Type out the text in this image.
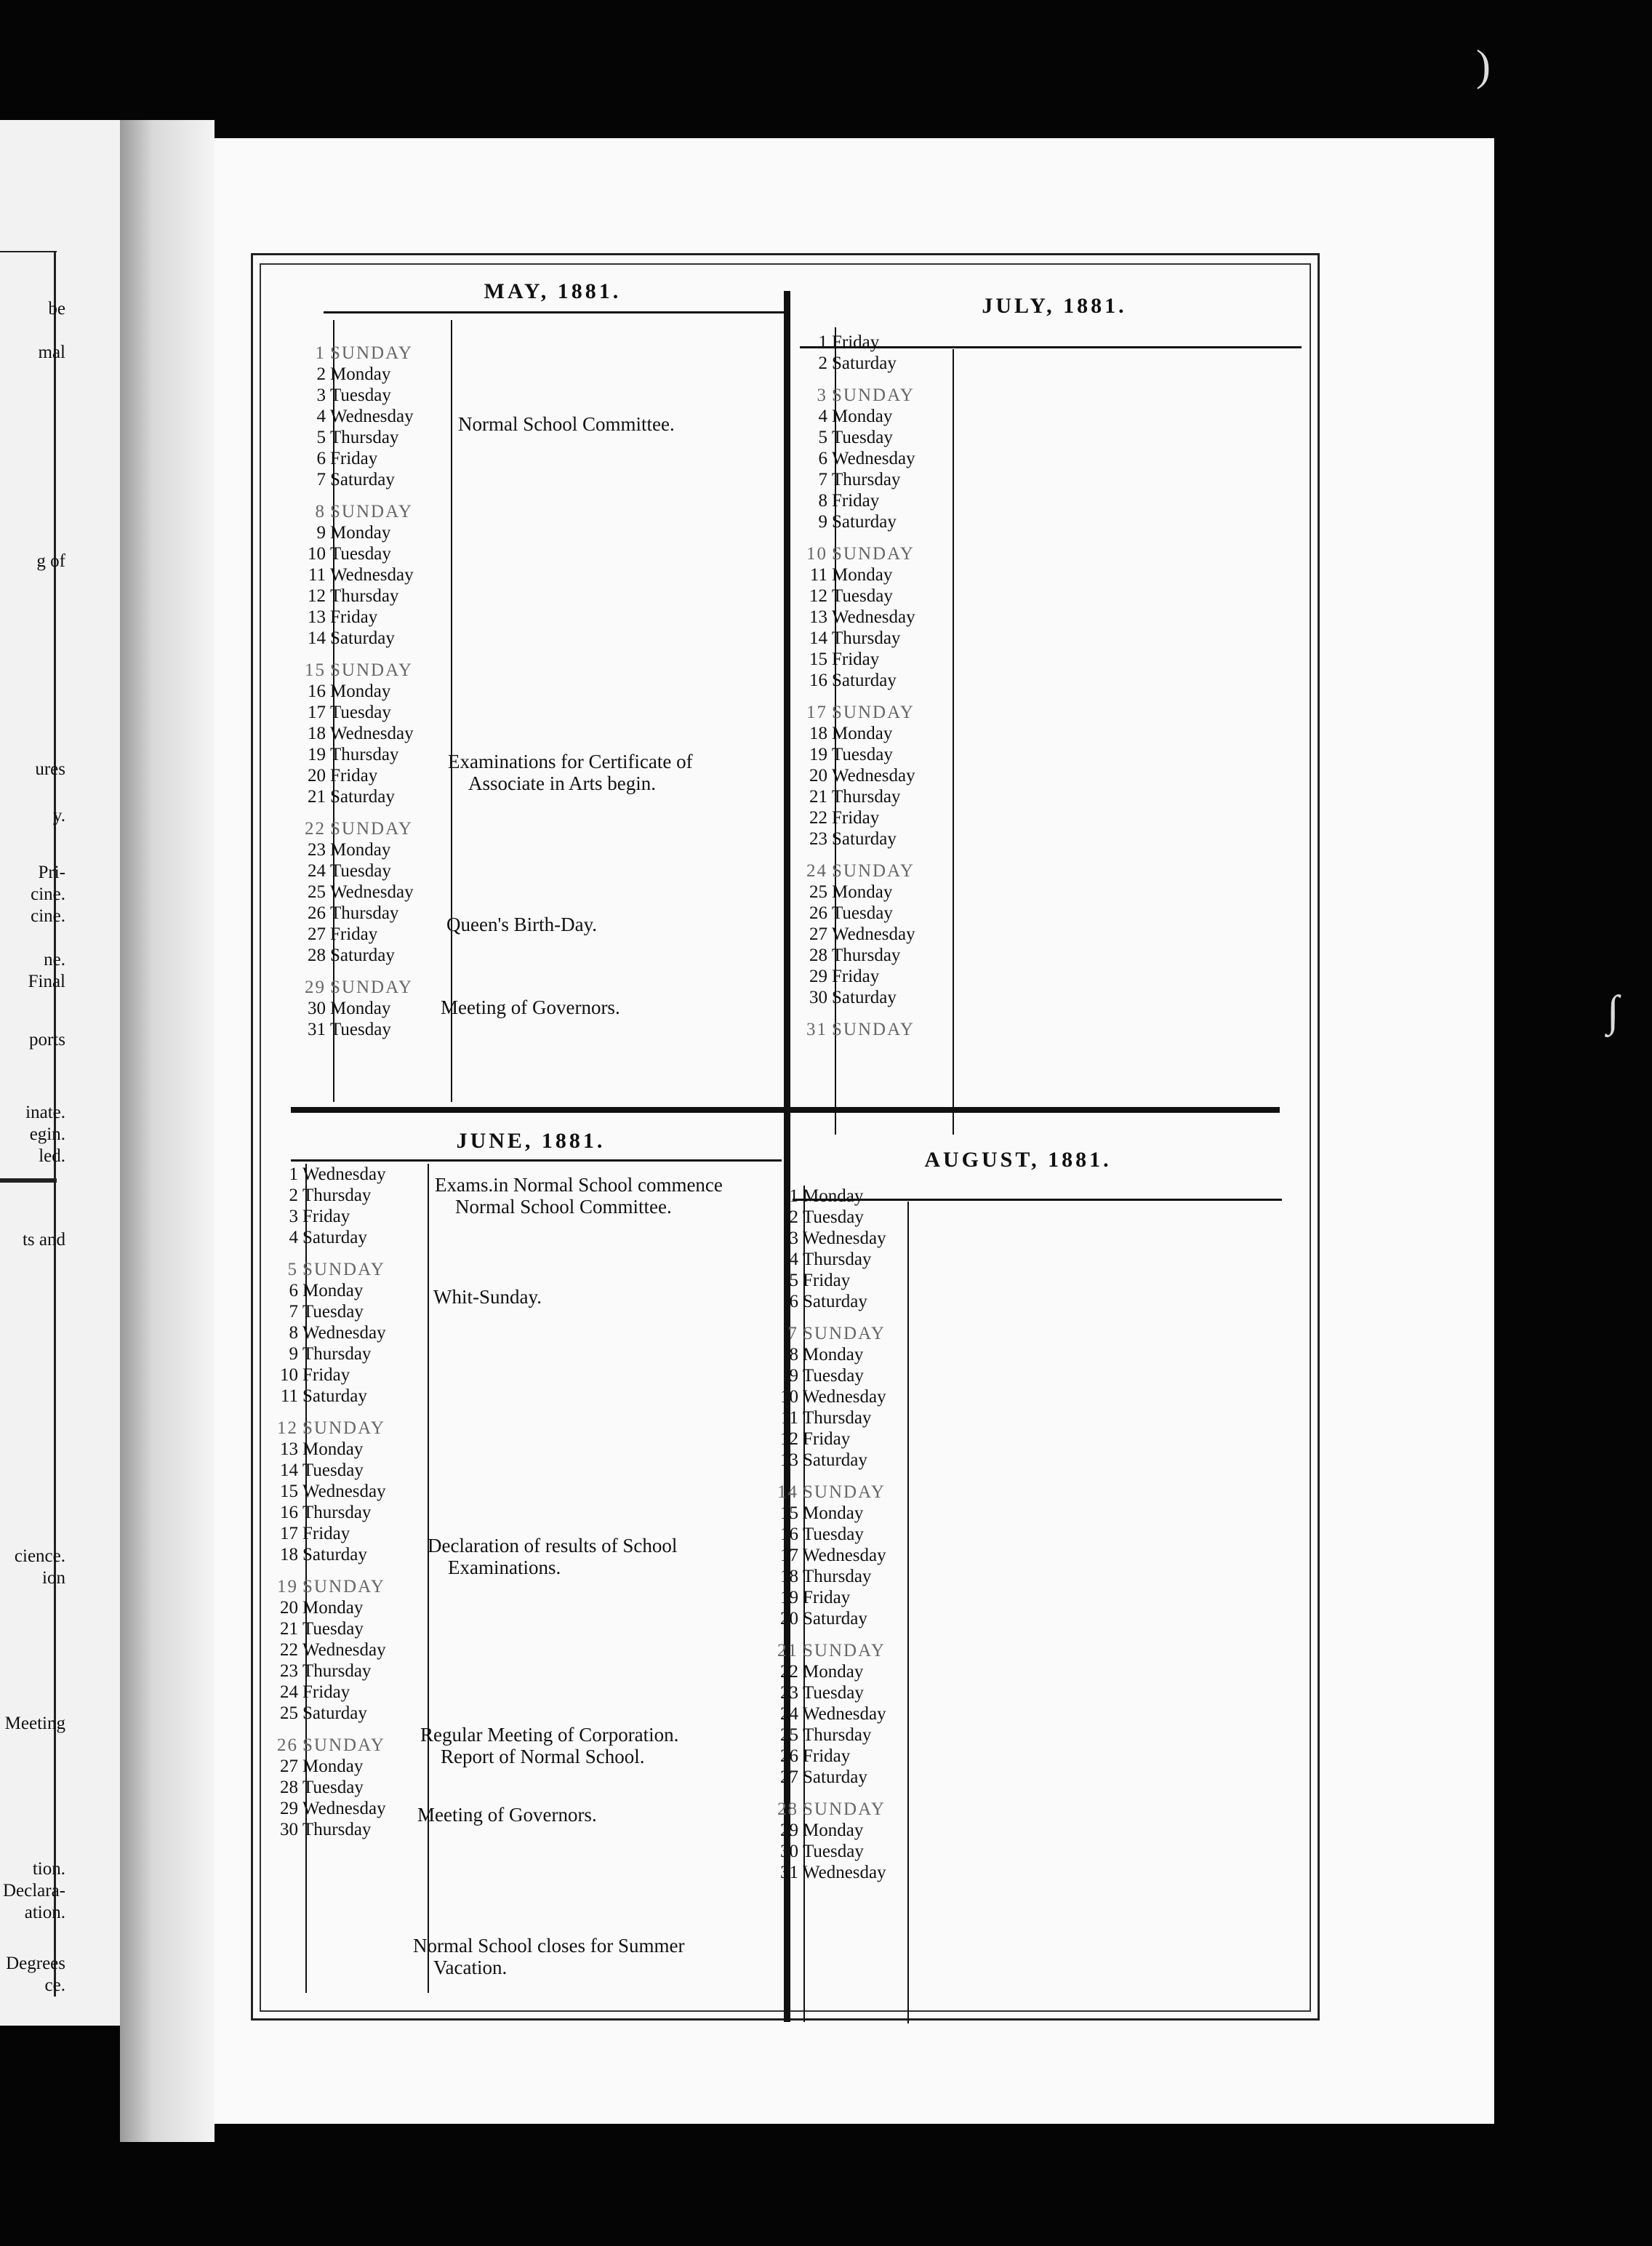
be
mal
g of
ures
y.
Pri-
cine.
cine.
ne.
Final
ports
inate.
egin.
led.
ts and
cience.
ion
Meeting
tion.
Declara-
ation.
Degrees
ce.
MAY, 1881.
1 SUNDAY
2 Monday
3 Tuesday
4 Wednesday
5 Thursday
6 Friday
7 Saturday
8 SUNDAY
9 Monday
10 Tuesday
11 Wednesday
12 Thursday
13 Friday
14 Saturday
15 SUNDAY
16 Monday
17 Tuesday
18 Wednesday
19 Thursday
20 Friday
21 Saturday
22 SUNDAY
23 Monday
24 Tuesday
25 Wednesday
26 Thursday
27 Friday
28 Saturday
29 SUNDAY
30 Monday
31 Tuesday
Normal School Committee.
Examinations for Certificate of
Associate in Arts begin.
Queen's Birth-Day.
Meeting of Governors.
JULY, 1881.
1 Friday
2 Saturday
3 SUNDAY
4 Monday
5 Tuesday
6 Wednesday
7 Thursday
8 Friday
9 Saturday
10 SUNDAY
11 Monday
12 Tuesday
13 Wednesday
14 Thursday
15 Friday
16 Saturday
17 SUNDAY
18 Monday
19 Tuesday
20 Wednesday
21 Thursday
22 Friday
23 Saturday
24 SUNDAY
25 Monday
26 Tuesday
27 Wednesday
28 Thursday
29 Friday
30 Saturday
31 SUNDAY
JUNE, 1881.
1 Wednesday
2 Thursday
3 Friday
4 Saturday
5 SUNDAY
6 Monday
7 Tuesday
8 Wednesday
9 Thursday
10 Friday
11 Saturday
12 SUNDAY
13 Monday
14 Tuesday
15 Wednesday
16 Thursday
17 Friday
18 Saturday
19 SUNDAY
20 Monday
21 Tuesday
22 Wednesday
23 Thursday
24 Friday
25 Saturday
26 SUNDAY
27 Monday
28 Tuesday
29 Wednesday
30 Thursday
Exams.in Normal School commence
Normal School Committee.
Whit-Sunday.
Declaration of results of School
Examinations.
Regular Meeting of Corporation.
Report of Normal School.
Meeting of Governors.
Normal School closes for Summer
Vacation.
AUGUST, 1881.
1 Monday
2 Tuesday
3 Wednesday
4 Thursday
5 Friday
6 Saturday
7 SUNDAY
8 Monday
9 Tuesday
10 Wednesday
11 Thursday
12 Friday
13 Saturday
14 SUNDAY
15 Monday
16 Tuesday
17 Wednesday
18 Thursday
19 Friday
20 Saturday
21 SUNDAY
22 Monday
23 Tuesday
24 Wednesday
25 Thursday
26 Friday
27 Saturday
28 SUNDAY
29 Monday
30 Tuesday
31 Wednesday
)
∫
